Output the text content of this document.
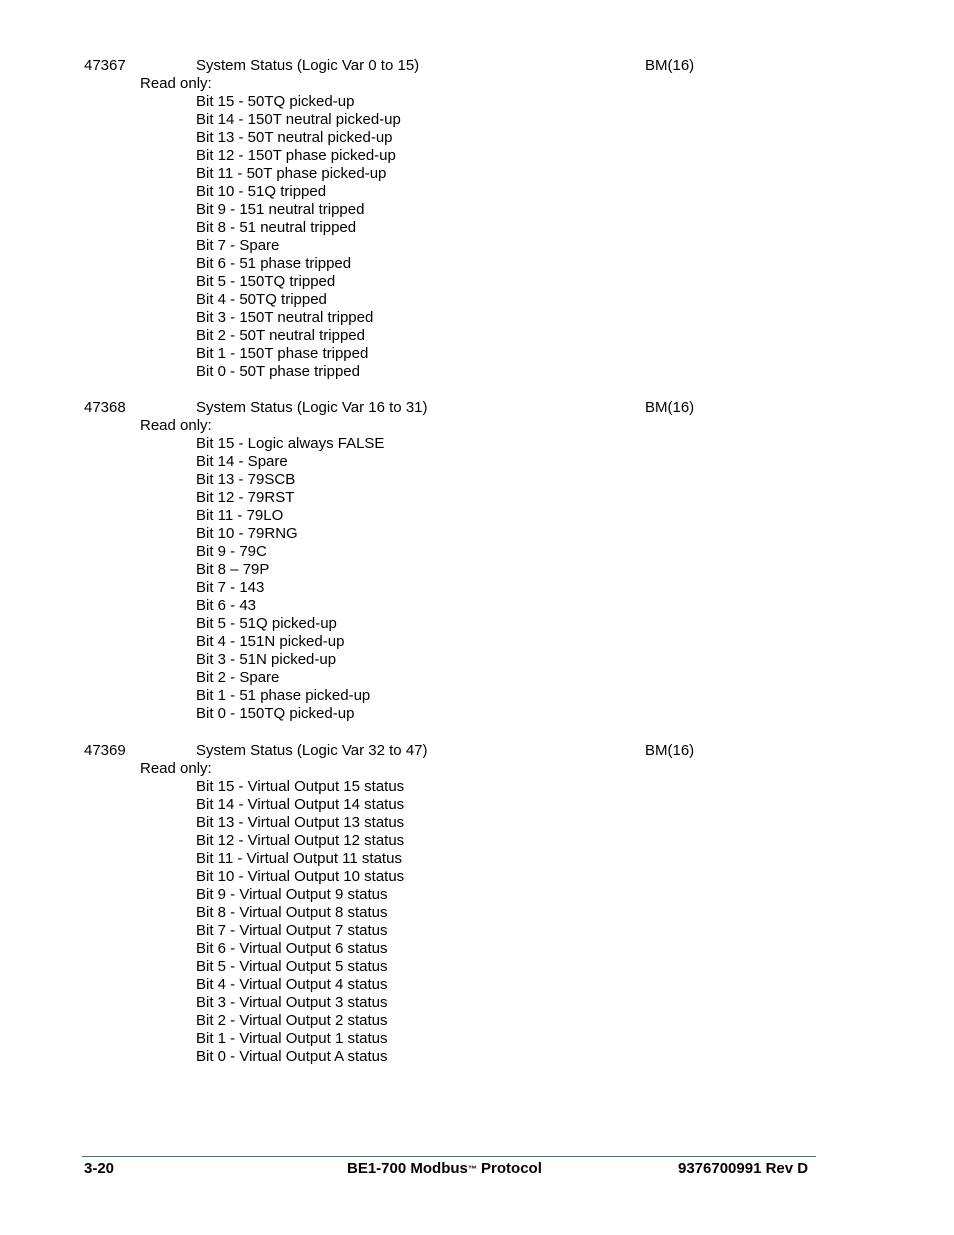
47367	System Status (Logic Var 0 to 15)	BM(16)
Read only:
Bit 15 - 50TQ picked-up
Bit 14 - 150T neutral picked-up
Bit 13 - 50T neutral picked-up
Bit 12 - 150T phase picked-up
Bit 11 - 50T phase picked-up
Bit 10 - 51Q tripped
Bit 9 - 151 neutral tripped
Bit 8 - 51 neutral tripped
Bit 7 - Spare
Bit 6 - 51 phase tripped
Bit 5 - 150TQ tripped
Bit 4 - 50TQ tripped
Bit 3 - 150T neutral tripped
Bit 2 - 50T neutral tripped
Bit 1 - 150T phase tripped
Bit 0 - 50T phase tripped
47368	System Status (Logic Var 16 to 31)	BM(16)
Read only:
Bit 15 - Logic always FALSE
Bit 14 - Spare
Bit 13 - 79SCB
Bit 12 - 79RST
Bit 11 - 79LO
Bit 10 - 79RNG
Bit 9 - 79C
Bit 8 – 79P
Bit 7 - 143
Bit 6 - 43
Bit 5 - 51Q picked-up
Bit 4 - 151N picked-up
Bit 3 - 51N picked-up
Bit 2 - Spare
Bit 1 - 51 phase picked-up
Bit 0 - 150TQ picked-up
47369	System Status (Logic Var 32 to 47)	BM(16)
Read only:
Bit 15 - Virtual Output 15 status
Bit 14 - Virtual Output 14 status
Bit 13 - Virtual Output 13 status
Bit 12 - Virtual Output 12 status
Bit 11 - Virtual Output 11 status
Bit 10 - Virtual Output 10 status
Bit 9 - Virtual Output 9 status
Bit 8 - Virtual Output 8 status
Bit 7 - Virtual Output 7 status
Bit 6 - Virtual Output 6 status
Bit 5 - Virtual Output 5 status
Bit 4 - Virtual Output 4 status
Bit 3 - Virtual Output 3 status
Bit 2 - Virtual Output 2 status
Bit 1 - Virtual Output 1 status
Bit 0 - Virtual Output A status
3-20	BE1-700 Modbus™ Protocol	9376700991 Rev D
